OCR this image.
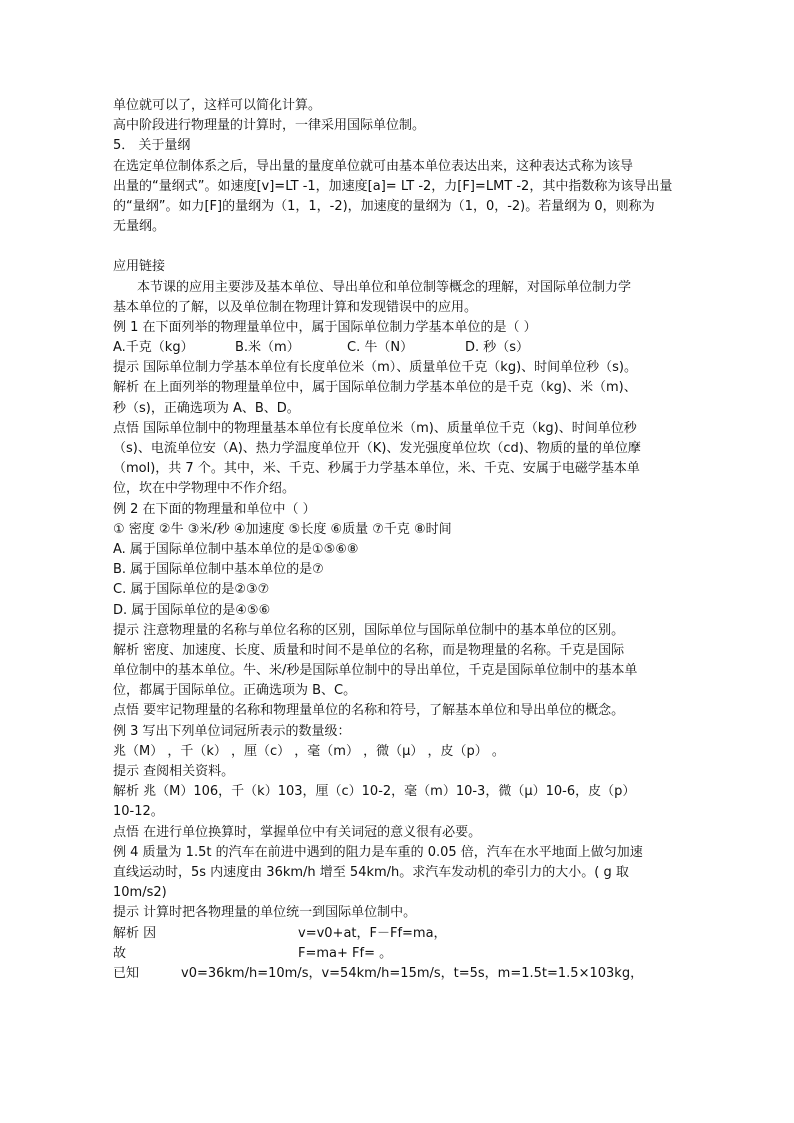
单位就可以了，这样可以简化计算。
高中阶段进行物理量的计算时，一律采用国际单位制。
5． 关于量纲
在选定单位制体系之后，导出量的量度单位就可由基本单位表达出来，这种表达式称为该导
出量的“量纲式”。如速度[v]=LT -1，加速度[a]= LT -2，力[F]=LMT -2，其中指数称为该导出量
的“量纲”。如力[F]的量纲为（1，1，-2)，加速度的量纲为（1，0，-2)。若量纲为 0，则称为
无量纲。
应用链接
本节课的应用主要涉及基本单位、导出单位和单位制等概念的理解，对国际单位制力学
基本单位的了解，以及单位制在物理计算和发现错误中的应用。
例 1 在下面列举的物理量单位中，属于国际单位制力学基本单位的是（ ）
A.千克（kg）	B.米（m）	C. 牛（N）	D. 秒（s）
提示 国际单位制力学基本单位有长度单位米（m）、质量单位千克（kg)、时间单位秒（s)。
解析 在上面列举的物理量单位中，属于国际单位制力学基本单位的是千克（kg)、米（m)、
秒（s)，正确选项为 A、B、D。
点悟 国际单位制中的物理量基本单位有长度单位米（m)、质量单位千克（kg)、时间单位秒
（s)、电流单位安（A)、热力学温度单位开（K)、发光强度单位坎（cd)、物质的量的单位摩
（mol)，共 7 个。其中，米、千克、秒属于力学基本单位，米、千克、安属于电磁学基本单
位，坎在中学物理中不作介绍。
例 2 在下面的物理量和单位中（ ）
① 密度 ②牛 ③米/秒 ④加速度 ⑤长度 ⑥质量 ⑦千克 ⑧时间
A. 属于国际单位制中基本单位的是①⑤⑥⑧
B. 属于国际单位制中基本单位的是⑦
C. 属于国际单位的是②③⑦
D. 属于国际单位的是④⑤⑥
提示 注意物理量的名称与单位名称的区别，国际单位与国际单位制中的基本单位的区别。
解析 密度、加速度、长度、质量和时间不是单位的名称，而是物理量的名称。千克是国际
单位制中的基本单位。牛、米/秒是国际单位制中的导出单位，千克是国际单位制中的基本单
位，都属于国际单位。正确选项为 B、C。
点悟 要牢记物理量的名称和物理量单位的名称和符号，了解基本单位和导出单位的概念。
例 3 写出下列单位词冠所表示的数量级：
兆（M） ，千（k） ，厘（c） ，毫（m） ，微（μ） ，皮（p） 。
提示 查阅相关资料。
解析 兆（M）106，千（k）103，厘（c）10-2，毫（m）10-3，微（μ）10-6，皮（p）
10-12。
点悟 在进行单位换算时，掌握单位中有关词冠的意义很有必要。
例 4 质量为 1.5t 的汽车在前进中遇到的阻力是车重的 0.05 倍，汽车在水平地面上做匀加速
直线运动时，5s 内速度由 36km/h 增至 54km/h。求汽车发动机的牵引力的大小。( g 取
10m/s2)
提示 计算时把各物理量的单位统一到国际单位制中。
解析 因	v=v0+at，F－Ff=ma，
故	F=ma+ Ff= 。
已知	v0=36km/h=10m/s，v=54km/h=15m/s，t=5s，m=1.5t=1.5×103kg，
